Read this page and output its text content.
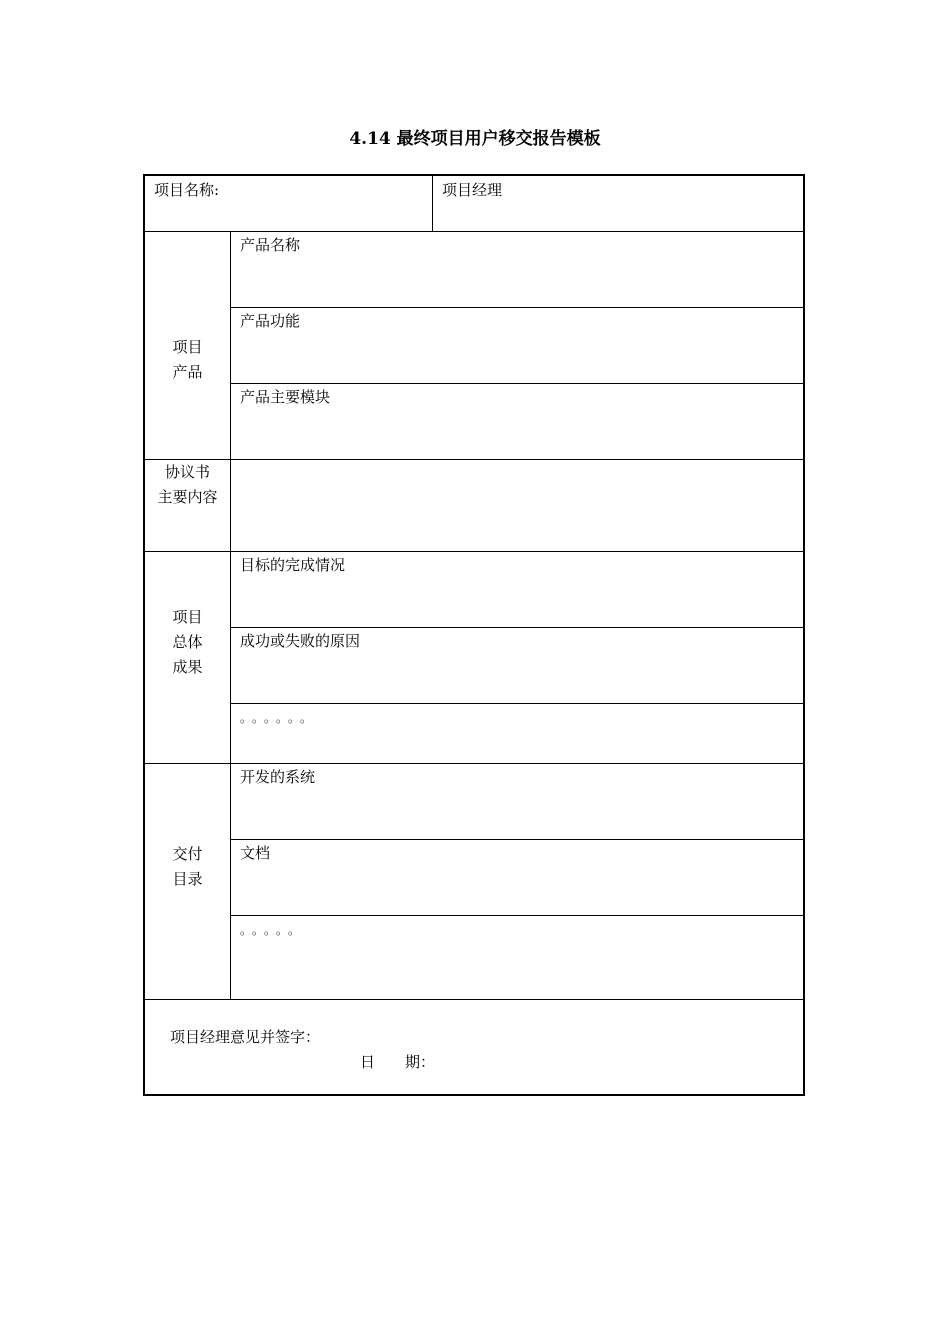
4.14 最终项目用户移交报告模板
项目名称:	项目经理
项目
产品
产品名称
产品功能
产品主要模块
协议书
主要内容
项目
总体
成果
目标的完成情况
成功或失败的原因
。。。。。。
交付
目录
开发的系统
文档
。。。。。
项目经理意见并签字：
日　　期：
